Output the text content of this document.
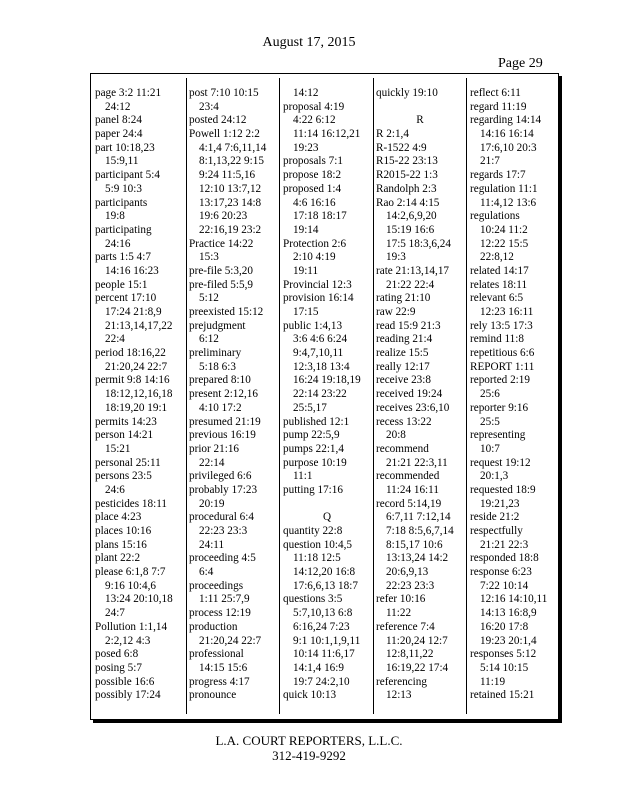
August 17, 2015
Page 29
page 3:2 11:21
24:12
panel 8:24
paper 24:4
part 10:18,23
15:9,11
participant 5:4
5:9 10:3
participants
19:8
participating
24:16
parts 1:5 4:7
14:16 16:23
people 15:1
percent 17:10
17:24 21:8,9
21:13,14,17,22
22:4
period 18:16,22
21:20,24 22:7
permit 9:8 14:16
18:12,12,16,18
18:19,20 19:1
permits 14:23
person 14:21
15:21
personal 25:11
persons 23:5
24:6
pesticides 18:11
place 4:23
places 10:16
plans 15:16
plant 22:2
please 6:1,8 7:7
9:16 10:4,6
13:24 20:10,18
24:7
Pollution 1:1,14
2:2,12 4:3
posed 6:8
posing 5:7
possible 16:6
possibly 17:24
post 7:10 10:15
23:4
posted 24:12
Powell 1:12 2:2
4:1,4 7:6,11,14
8:1,13,22 9:15
9:24 11:5,16
12:10 13:7,12
13:17,23 14:8
19:6 20:23
22:16,19 23:2
Practice 14:22
15:3
pre-file 5:3,20
pre-filed 5:5,9
5:12
preexisted 15:12
prejudgment
6:12
preliminary
5:18 6:3
prepared 8:10
present 2:12,16
4:10 17:2
presumed 21:19
previous 16:19
prior 21:16
22:14
privileged 6:6
probably 17:23
20:19
procedural 6:4
22:23 23:3
24:11
proceeding 4:5
6:4
proceedings
1:11 25:7,9
process 12:19
production
21:20,24 22:7
professional
14:15 15:6
progress 4:17
pronounce
14:12
proposal 4:19
4:22 6:12
11:14 16:12,21
19:23
proposals 7:1
propose 18:2
proposed 1:4
4:6 16:16
17:18 18:17
19:14
Protection 2:6
2:10 4:19
19:11
Provincial 12:3
provision 16:14
17:15
public 1:4,13
3:6 4:6 6:24
9:4,7,10,11
12:3,18 13:4
16:24 19:18,19
22:14 23:22
25:5,17
published 12:1
pump 22:5,9
pumps 22:1,4
purpose 10:19
11:1
putting 17:16
Q
quantity 22:8
question 10:4,5
11:18 12:5
14:12,20 16:8
17:6,6,13 18:7
questions 3:5
5:7,10,13 6:8
6:16,24 7:23
9:1 10:1,1,9,11
10:14 11:6,17
14:1,4 16:9
19:7 24:2,10
quick 10:13
quickly 19:10
R
R 2:1,4
R-1522 4:9
R15-22 23:13
R2015-22 1:3
Randolph 2:3
Rao 2:14 4:15
14:2,6,9,20
15:19 16:6
17:5 18:3,6,24
19:3
rate 21:13,14,17
21:22 22:4
rating 21:10
raw 22:9
read 15:9 21:3
reading 21:4
realize 15:5
really 12:17
receive 23:8
received 19:24
receives 23:6,10
recess 13:22
20:8
recommend
21:21 22:3,11
recommended
11:24 16:11
record 5:14,19
6:7,11 7:12,14
7:18 8:5,6,7,14
8:15,17 10:6
13:13,24 14:2
20:6,9,13
22:23 23:3
refer 10:16
11:22
reference 7:4
11:20,24 12:7
12:8,11,22
16:19,22 17:4
referencing
12:13
reflect 6:11
regard 11:19
regarding 14:14
14:16 16:14
17:6,10 20:3
21:7
regards 17:7
regulation 11:1
11:4,12 13:6
regulations
10:24 11:2
12:22 15:5
22:8,12
related 14:17
relates 18:11
relevant 6:5
12:23 16:11
rely 13:5 17:3
remind 11:8
repetitious 6:6
REPORT 1:11
reported 2:19
25:6
reporter 9:16
25:5
representing
10:7
request 19:12
20:1,3
requested 18:9
19:21,23
reside 21:2
respectfully
21:21 22:3
responded 18:8
response 6:23
7:22 10:14
12:16 14:10,11
14:13 16:8,9
16:20 17:8
19:23 20:1,4
responses 5:12
5:14 10:15
11:19
retained 15:21
L.A. COURT REPORTERS, L.L.C.
312-419-9292
